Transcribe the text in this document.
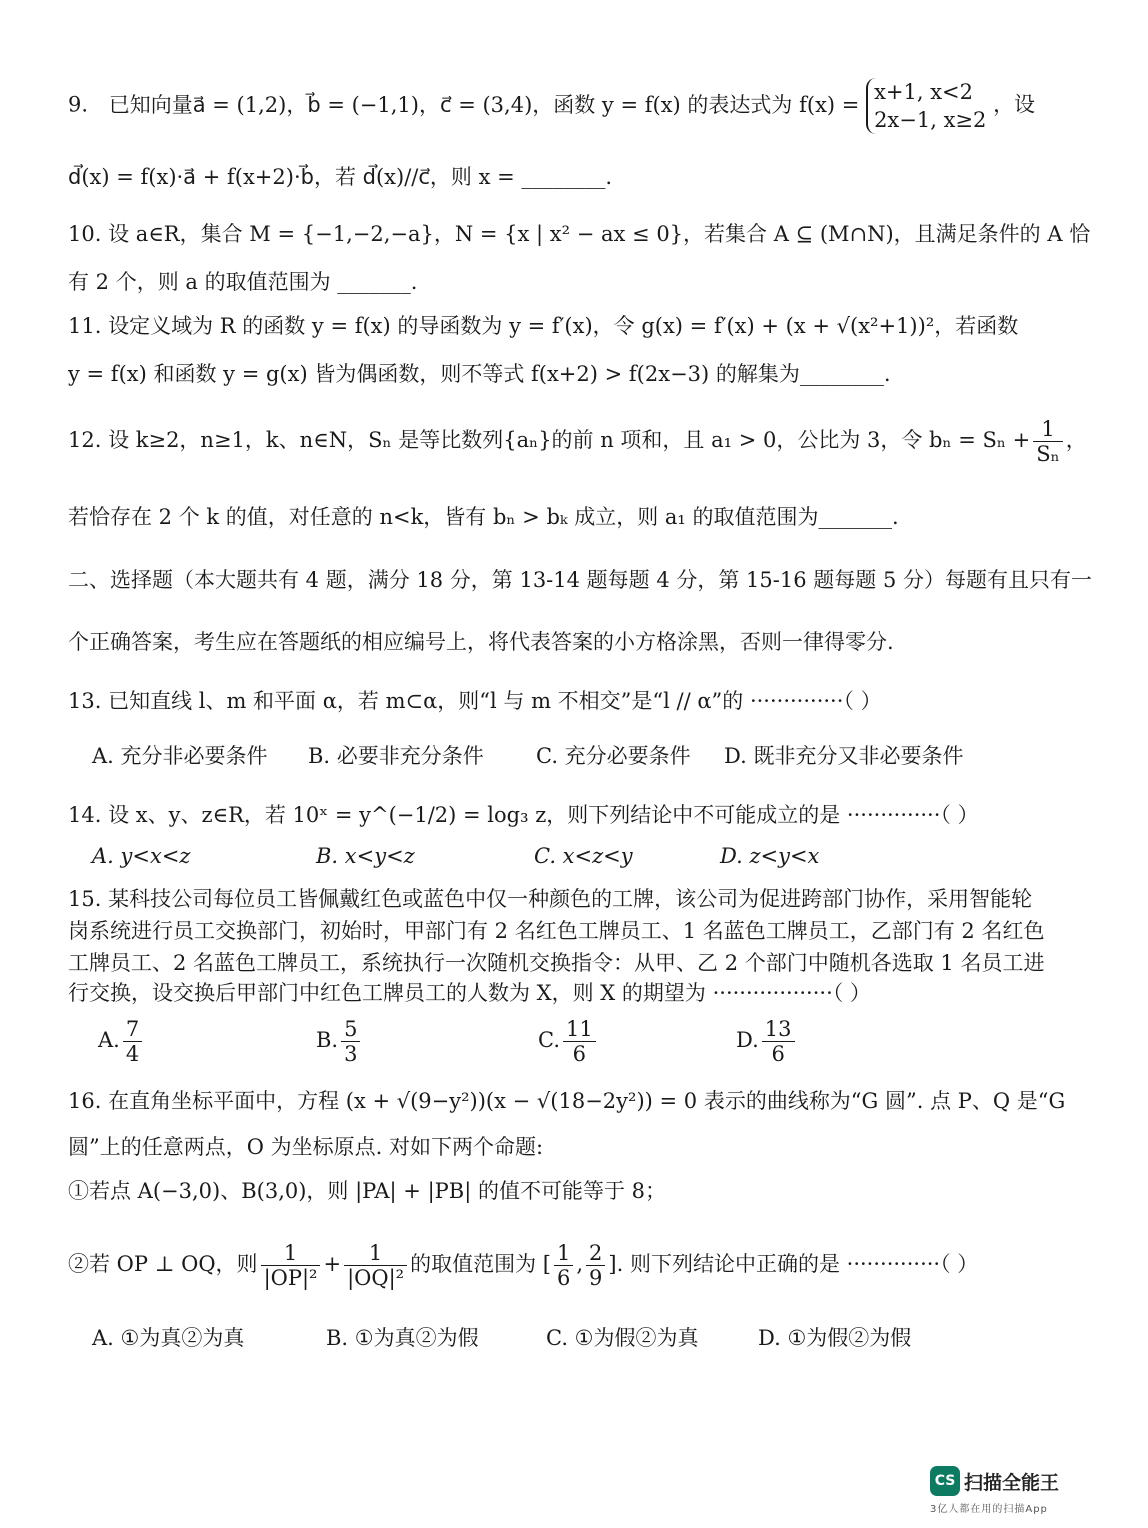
9. 已知向量a⃗ = (1,2)，b⃗ = (−1,1)，c⃗ = (3,4)，函数 y = f(x) 的表达式为 f(x) =
x+1, x<2
2x−1, x≥2
，设
d⃗(x) = f(x)·a⃗ + f(x+2)·b⃗，若 d⃗(x)//c⃗，则 x = ________.
10. 设 a∈R，集合 M = {−1,−2,−a}，N = {x | x² − ax ≤ 0}，若集合 A ⊆ (M∩N)，且满足条件的 A 恰
有 2 个，则 a 的取值范围为 _______.
11. 设定义域为 R 的函数 y = f(x) 的导函数为 y = f′(x)，令 g(x) = f′(x) + (x + √(x²+1))²，若函数
y = f(x) 和函数 y = g(x) 皆为偶函数，则不等式 f(x+2) > f(2x−3) 的解集为________.
12. 设 k≥2，n≥1，k、n∈N，Sₙ 是等比数列{aₙ}的前 n 项和，且 a₁ > 0，公比为 3，令 $b_n = S_n + \frac{1}{\text{Sₙ}}$ ，
若恰存在 2 个 k 的值，对任意的 n<k，皆有 bₙ > bₖ 成立，则 a₁ 的取值范围为_______.
二、选择题（本大题共有 4 题，满分 18 分，第 13-14 题每题 4 分，第 15-16 题每题 5 分）每题有且只有一
个正确答案，考生应在答题纸的相应编号上，将代表答案的小方格涂黑，否则一律得零分.
13. 已知直线 l、m 和平面 α，若 m⊂α，则“l 与 m 不相交”是“l // α”的 ··············（ ）
A. 充分非必要条件 B. 必要非充分条件 C. 充分必要条件 D. 既非充分又非必要条件
14. 设 x、y、z∈R，若 10ˣ = y^(−1/2) = log₃ z，则下列结论中不可能成立的是 ··············（ ）
A. y<x<z	B. x<y<z	C. x<z<y	D. z<y<x
15. 某科技公司每位员工皆佩戴红色或蓝色中仅一种颜色的工牌，该公司为促进跨部门协作，采用智能轮
岗系统进行员工交换部门，初始时，甲部门有 2 名红色工牌员工、1 名蓝色工牌员工，乙部门有 2 名红色
工牌员工、2 名蓝色工牌员工，系统执行一次随机交换指令：从甲、乙 2 个部门中随机各选取 1 名员工进
行交换，设交换后甲部门中红色工牌员工的人数为 X，则 X 的期望为 ··················（ ）
A. $\frac{7}{4}$	B. $\frac{5}{3}$	C. $\frac{11}{6}$	D. $\frac{13}{6}$
16. 在直角坐标平面中，方程 (x + √(9−y²))(x − √(18−2y²)) = 0 表示的曲线称为“G 圆”. 点 P、Q 是“G
圆”上的任意两点，O 为坐标原点. 对如下两个命题:
①若点 A(−3,0)、B(3,0)，则 |PA| + |PB| 的值不可能等于 8；
②若 OP ⊥ OQ，则 $\frac{1}{\text{|OP|²}} + \frac{1}{\text{|OQ|²}}$ 的取值范围为 [ $\frac{1}{6}$ , $\frac{2}{9}$ ]. 则下列结论中正确的是 ··············（ ）
A. ①为真②为真	B. ①为真②为假	C. ①为假②为真	D. ①为假②为假
CS 扫描全能王
3亿人都在用的扫描App
